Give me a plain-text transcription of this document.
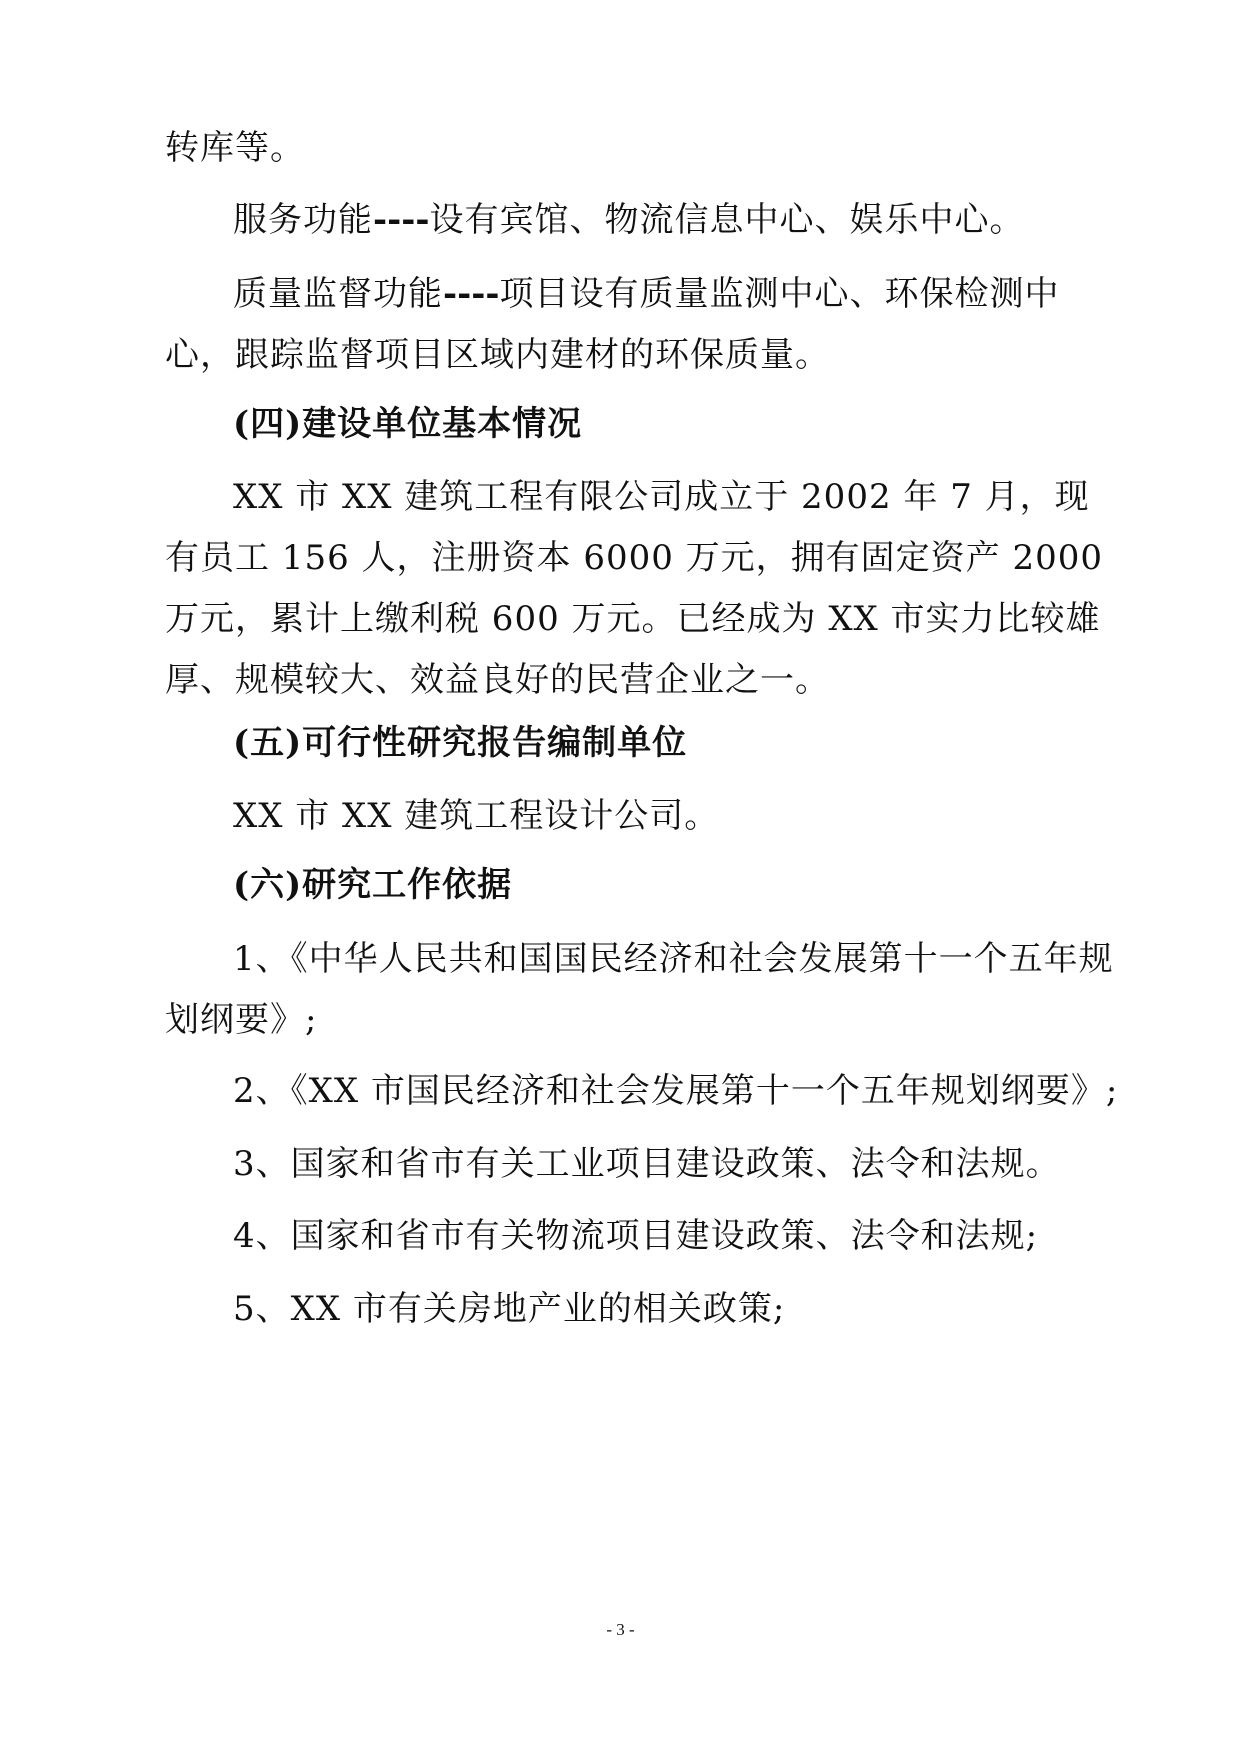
转库等。

服务功能----设有宾馆、物流信息中心、娱乐中心。

质量监督功能----项目设有质量监测中心、环保检测中心，跟踪监督项目区域内建材的环保质量。

(四)建设单位基本情况

XX 市 XX 建筑工程有限公司成立于 2002 年 7 月，现有员工 156 人，注册资本 6000 万元，拥有固定资产 2000 万元，累计上缴利税 600 万元。已经成为 XX 市实力比较雄厚、规模较大、效益良好的民营企业之一。

(五)可行性研究报告编制单位

XX 市 XX 建筑工程设计公司。

(六)研究工作依据

1、《中华人民共和国国民经济和社会发展第十一个五年规划纲要》;

2、《XX 市国民经济和社会发展第十一个五年规划纲要》;

3、国家和省市有关工业项目建设政策、法令和法规。

4、国家和省市有关物流项目建设政策、法令和法规;

5、XX 市有关房地产业的相关政策;

- 3 -
